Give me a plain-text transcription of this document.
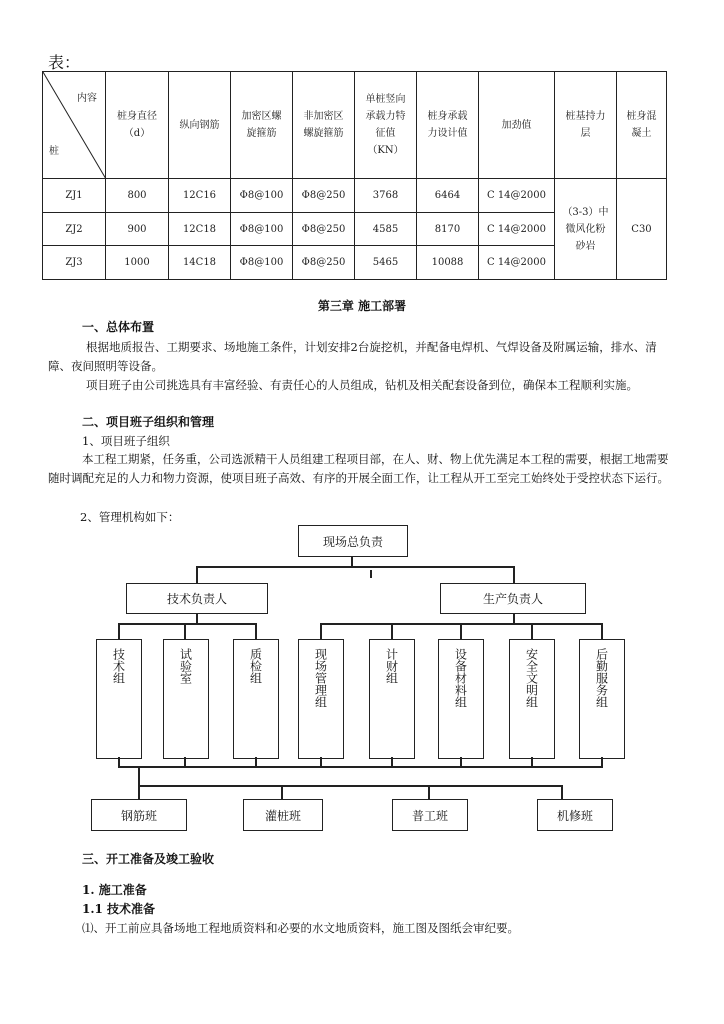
表：
内容
桩	桩身直径（d）	纵向钢筋	加密区螺旋箍筋	非加密区螺旋箍筋	单桩竖向承载力特征值（KN）	桩身承载力设计值	加劲值	桩基持力层	桩身混凝土
ZJ1	800	12C16	Φ8@100	Φ8@250	3768	6464	C 14@2000	（3-3）中微风化粉砂岩	C30
ZJ2	900	12C18	Φ8@100	Φ8@250	4585	8170	C 14@2000		
ZJ3	1000	14C18	Φ8@100	Φ8@250	5465	10088	C 14@2000		
第三章 施工部署
一、总体布置
根据地质报告、工期要求、场地施工条件，计划安排2台旋挖机，并配备电焊机、气焊设备及附属运输，排水、清障、夜间照明等设备。
项目班子由公司挑选具有丰富经验、有责任心的人员组成，钻机及相关配套设备到位，确保本工程顺利实施。
二、项目班子组织和管理
1、项目班子组织
本工程工期紧，任务重，公司选派精干人员组建工程项目部，在人、财、物上优先满足本工程的需要，根据工地需要随时调配充足的人力和物力资源，使项目班子高效、有序的开展全面工作，让工程从开工至完工始终处于受控状态下运行。
2、管理机构如下：
现场总负责
技术负责人	生产负责人
技术组	试验室	质检组	现场管理组	计财组	设备材料组	安全文明组	后勤服务组
钢筋班	灌桩班	普工班	机修班
三、开工准备及竣工验收
1. 施工准备
1.1 技术准备
⑴、开工前应具备场地工程地质资料和必要的水文地质资料，施工图及图纸会审纪要。
